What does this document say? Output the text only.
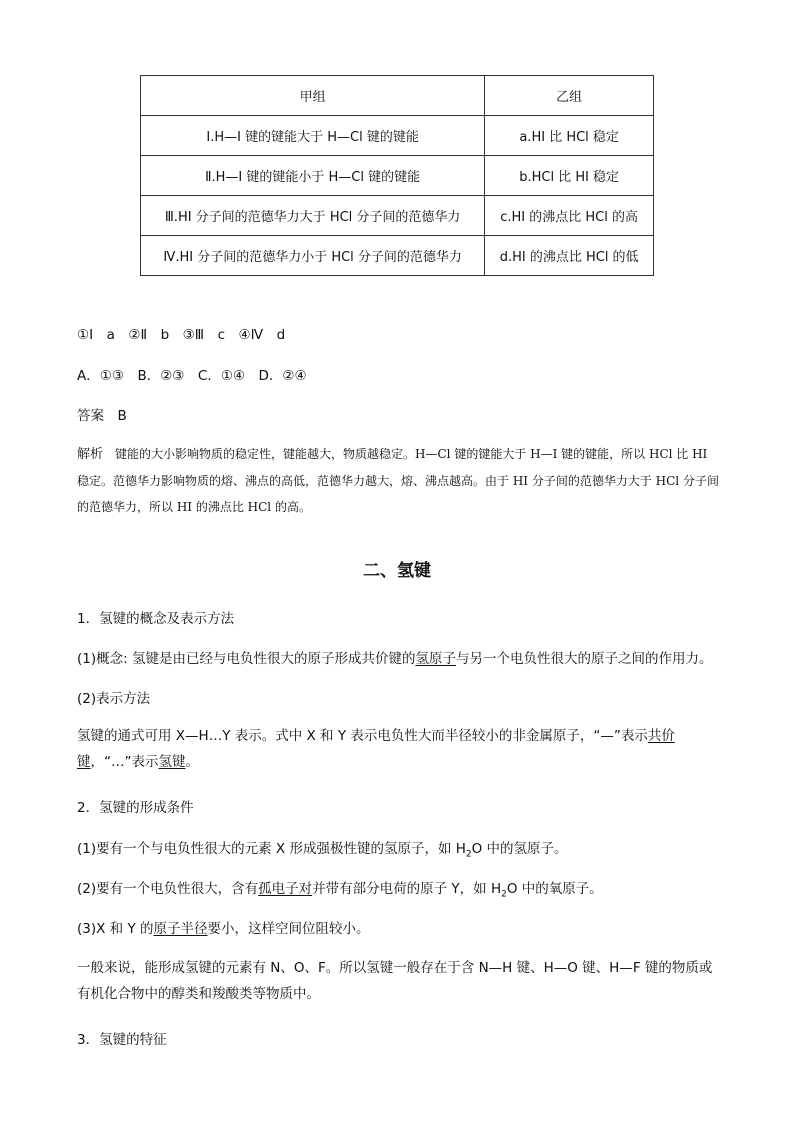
甲组	乙组
Ⅰ.H—I 键的键能大于 H—Cl 键的键能	a.HI 比 HCl 稳定
Ⅱ.H—I 键的键能小于 H—Cl 键的键能	b.HCl 比 HI 稳定
Ⅲ.HI 分子间的范德华力大于 HCl 分子间的范德华力	c.HI 的沸点比 HCl 的高
Ⅳ.HI 分子间的范德华力小于 HCl 分子间的范德华力	d.HI 的沸点比 HCl 的低
①Ⅰ　a　②Ⅱ　b　③Ⅲ　c　④Ⅳ　d
A．①③　B．②③　C．①④　D．②④
答案　 B
解析　 键能的大小影响物质的稳定性，键能越大，物质越稳定。H—Cl 键的键能大于 H—I 键的键能，所以 HCl 比 HI 稳定。范德华力影响物质的熔、沸点的高低，范德华力越大，熔、沸点越高。由于 HI 分子间的范德华力大于 HCl 分子间的范德华力，所以 HI 的沸点比 HCl 的高。
二、氢键
1．氢键的概念及表示方法
(1)概念: 氢键是由已经与电负性很大的原子形成共价键的氢原子与另一个电负性很大的原子之间的作用力。
(2)表示方法
氢键的通式可用 X—H…Y 表示。式中 X 和 Y 表示电负性大而半径较小的非金属原子，“—”表示共价键，“…”表示氢键。
2．氢键的形成条件
(1)要有一个与电负性很大的元素 X 形成强极性键的氢原子，如 $H_2O$ 中的氢原子。
(2)要有一个电负性很大，含有孤电子对并带有部分电荷的原子 Y，如 $H_2O$ 中的氧原子。
(3)X 和 Y 的原子半径要小，这样空间位阻较小。
一般来说，能形成氢键的元素有 N、O、F。所以氢键一般存在于含 N—H 键、H—O 键、H—F 键的物质或有机化合物中的醇类和羧酸类等物质中。
3．氢键的特征
